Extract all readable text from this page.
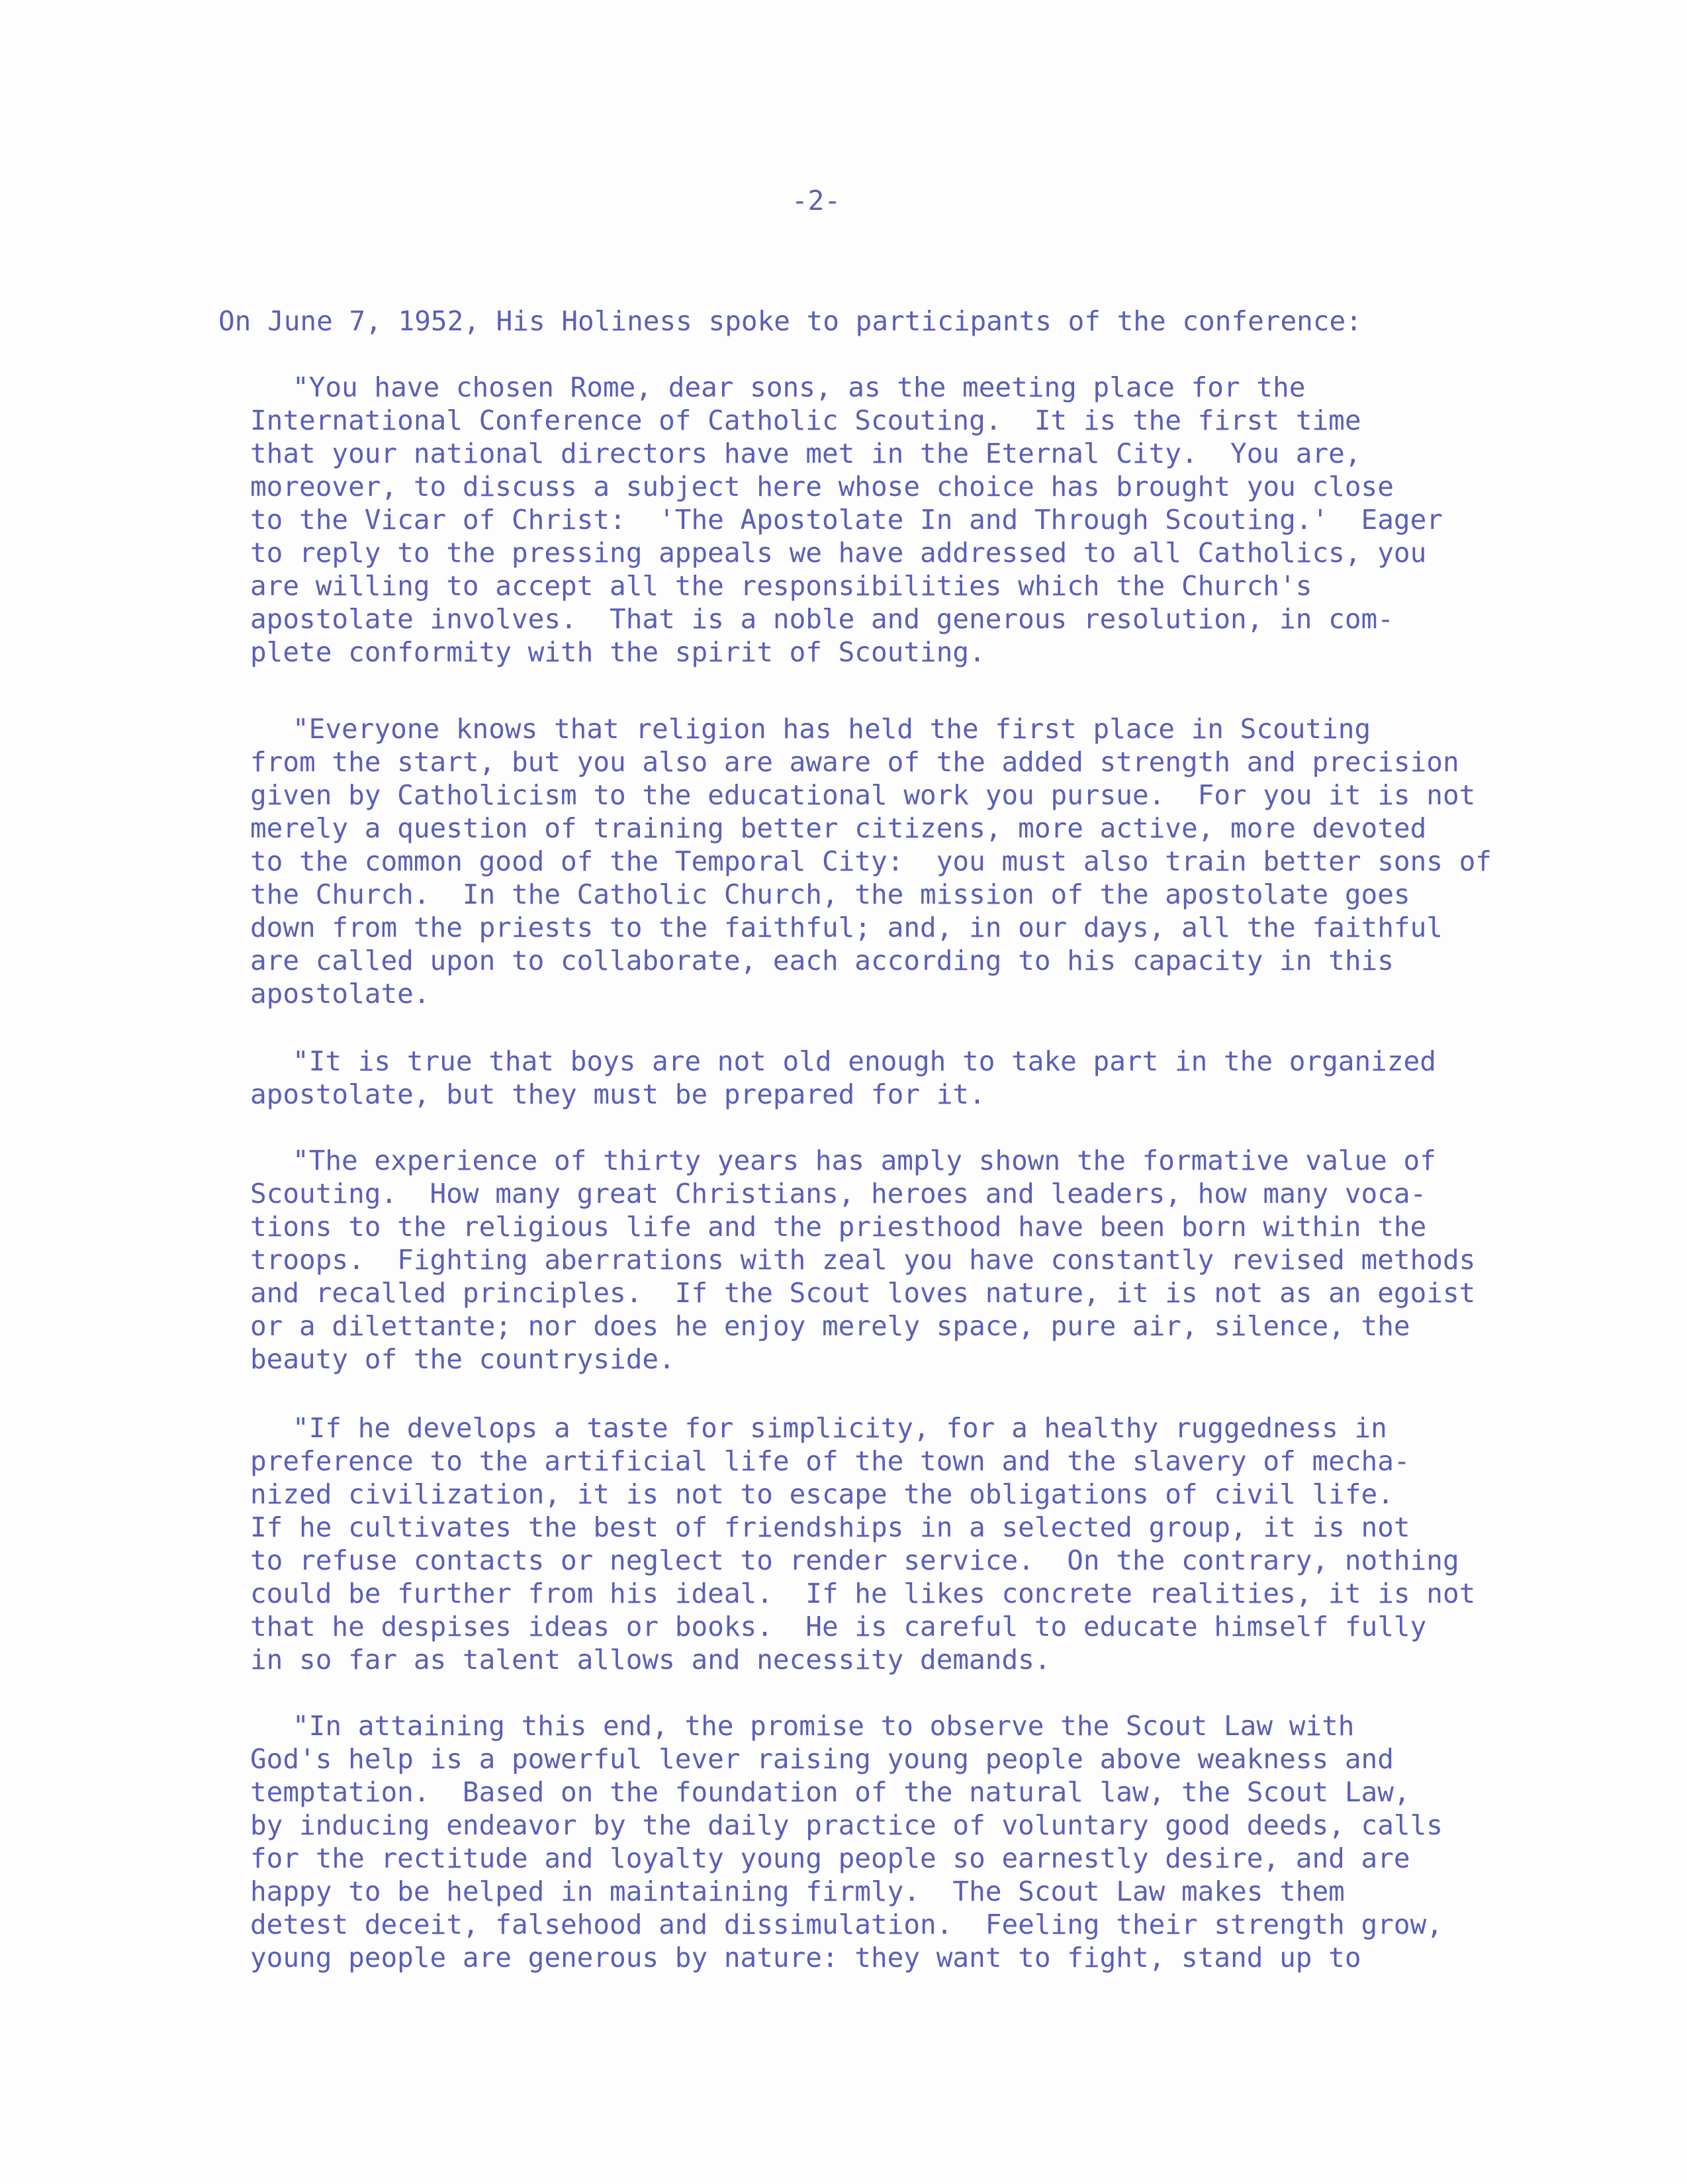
-2-
On June 7, 1952, His Holiness spoke to participants of the conference:
"You have chosen Rome, dear sons, as the meeting place for the
International Conference of Catholic Scouting.  It is the first time
that your national directors have met in the Eternal City.  You are,
moreover, to discuss a subject here whose choice has brought you close
to the Vicar of Christ:  'The Apostolate In and Through Scouting.'  Eager
to reply to the pressing appeals we have addressed to all Catholics, you
are willing to accept all the responsibilities which the Church's
apostolate involves.  That is a noble and generous resolution, in com-
plete conformity with the spirit of Scouting.
"Everyone knows that religion has held the first place in Scouting
from the start, but you also are aware of the added strength and precision
given by Catholicism to the educational work you pursue.  For you it is not
merely a question of training better citizens, more active, more devoted
to the common good of the Temporal City:  you must also train better sons of
the Church.  In the Catholic Church, the mission of the apostolate goes
down from the priests to the faithful; and, in our days, all the faithful
are called upon to collaborate, each according to his capacity in this
apostolate.
"It is true that boys are not old enough to take part in the organized
apostolate, but they must be prepared for it.
"The experience of thirty years has amply shown the formative value of
Scouting.  How many great Christians, heroes and leaders, how many voca-
tions to the religious life and the priesthood have been born within the
troops.  Fighting aberrations with zeal you have constantly revised methods
and recalled principles.  If the Scout loves nature, it is not as an egoist
or a dilettante; nor does he enjoy merely space, pure air, silence, the
beauty of the countryside.
"If he develops a taste for simplicity, for a healthy ruggedness in
preference to the artificial life of the town and the slavery of mecha-
nized civilization, it is not to escape the obligations of civil life.
If he cultivates the best of friendships in a selected group, it is not
to refuse contacts or neglect to render service.  On the contrary, nothing
could be further from his ideal.  If he likes concrete realities, it is not
that he despises ideas or books.  He is careful to educate himself fully
in so far as talent allows and necessity demands.
"In attaining this end, the promise to observe the Scout Law with
God's help is a powerful lever raising young people above weakness and
temptation.  Based on the foundation of the natural law, the Scout Law,
by inducing endeavor by the daily practice of voluntary good deeds, calls
for the rectitude and loyalty young people so earnestly desire, and are
happy to be helped in maintaining firmly.  The Scout Law makes them
detest deceit, falsehood and dissimulation.  Feeling their strength grow,
young people are generous by nature: they want to fight, stand up to
